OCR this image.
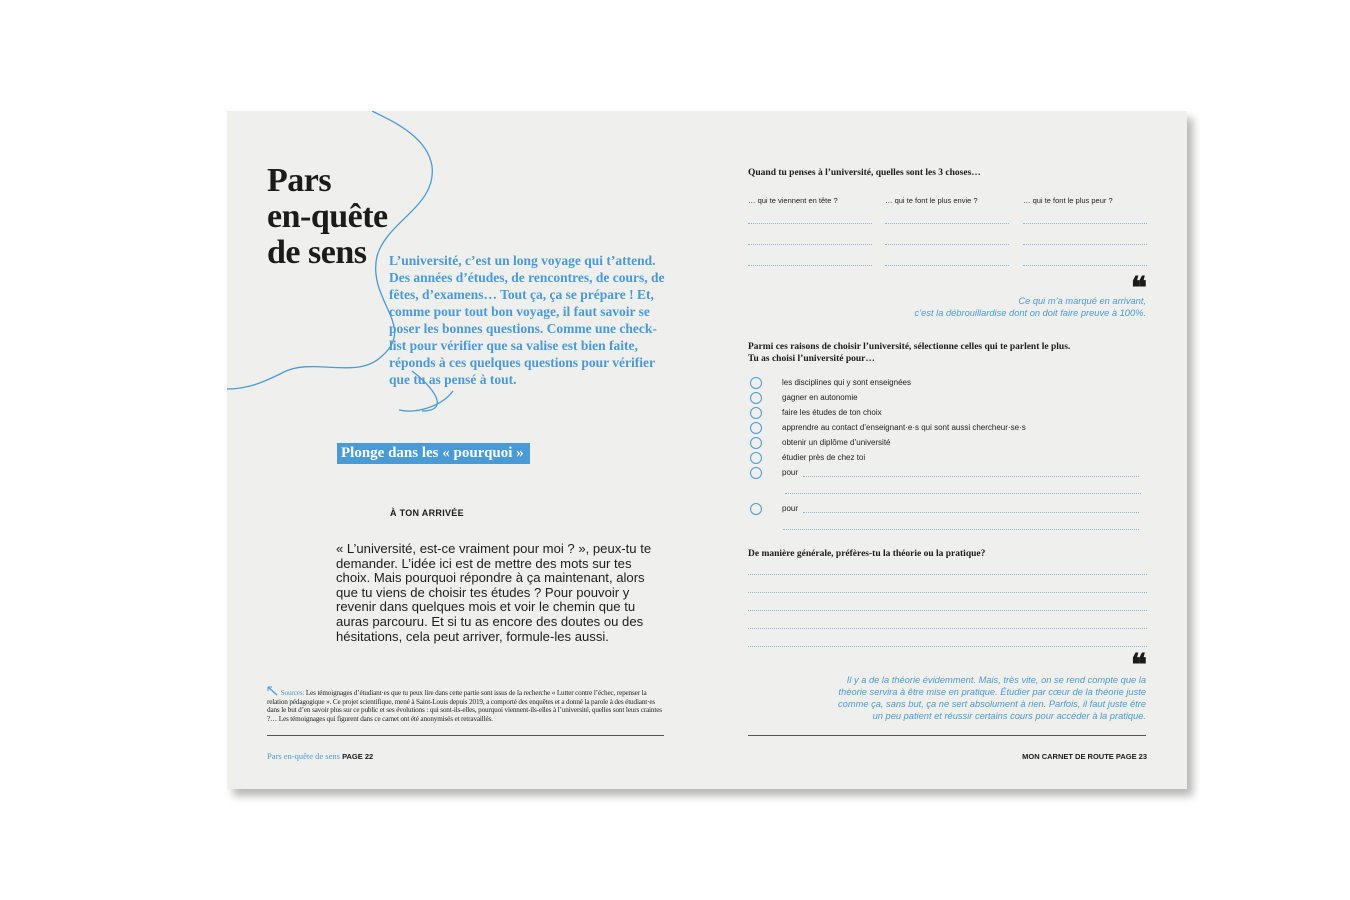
Pars
en-quête
de sens	L’université, c’est un long voyage qui t’attend. Des années d’études, de rencontres, de cours, de fêtes, d’examens… Tout ça, ça se prépare ! Et, comme pour tout bon voyage, il faut savoir se poser les bonnes questions. Comme une check-list pour vérifier que sa valise est bien faite, réponds à ces quelques questions pour vérifier que tu as pensé à tout.
Plonge dans les « pourquoi »
À TON ARRIVÉE
« L’université, est-ce vraiment pour moi ? », peux-tu te demander. L’idée ici est de mettre des mots sur tes choix. Mais pourquoi répondre à ça maintenant, alors que tu viens de choisir tes études ? Pour pouvoir y revenir dans quelques mois et voir le chemin que tu auras parcouru. Et si tu as encore des doutes ou des hésitations, cela peut arriver, formule-les aussi.
Sources: Les témoignages d’étudiant·es que tu peux lire dans cette partie sont issus de la recherche « Lutter contre l’échec, repenser la relation pédagogique ». Ce projet scientifique, mené à Saint-Louis depuis 2019, a comporté des enquêtes et a donné la parole à des étudiant·es dans le but d’en savoir plus sur ce public et ses évolutions : qui sont-ils-elles, pourquoi viennent-ils-elles à l’université, quelles sont leurs craintes ?… Les témoignages qui figurent dans ce carnet ont été anonymisés et retravaillés.
Pars en-quête de sens PAGE 22
Quand tu penses à l’université, quelles sont les 3 choses…
… qui te viennent en tête ?	… qui te font le plus envie ?	… qui te font le plus peur ?
❝
Ce qui m’a marqué en arrivant,
c’est la débrouillardise dont on doit faire preuve à 100%.
Parmi ces raisons de choisir l’université, sélectionne celles qui te parlent le plus.
Tu as choisi l’université pour…
les disciplines qui y sont enseignées
gagner en autonomie
faire les études de ton choix
apprendre au contact d’enseignant·e·s qui sont aussi chercheur·se·s
obtenir un diplôme d’université
étudier près de chez toi
pour
pour
De manière générale, préfères-tu la théorie ou la pratique?
❝
Il y a de la théorie évidemment. Mais, très vite, on se rend compte que la
théorie servira à être mise en pratique. Étudier par cœur de la théorie juste
comme ça, sans but, ça ne sert absolument à rien. Parfois, il faut juste être
un peu patient et réussir certains cours pour accéder à la pratique.
MON CARNET DE ROUTE PAGE 23
